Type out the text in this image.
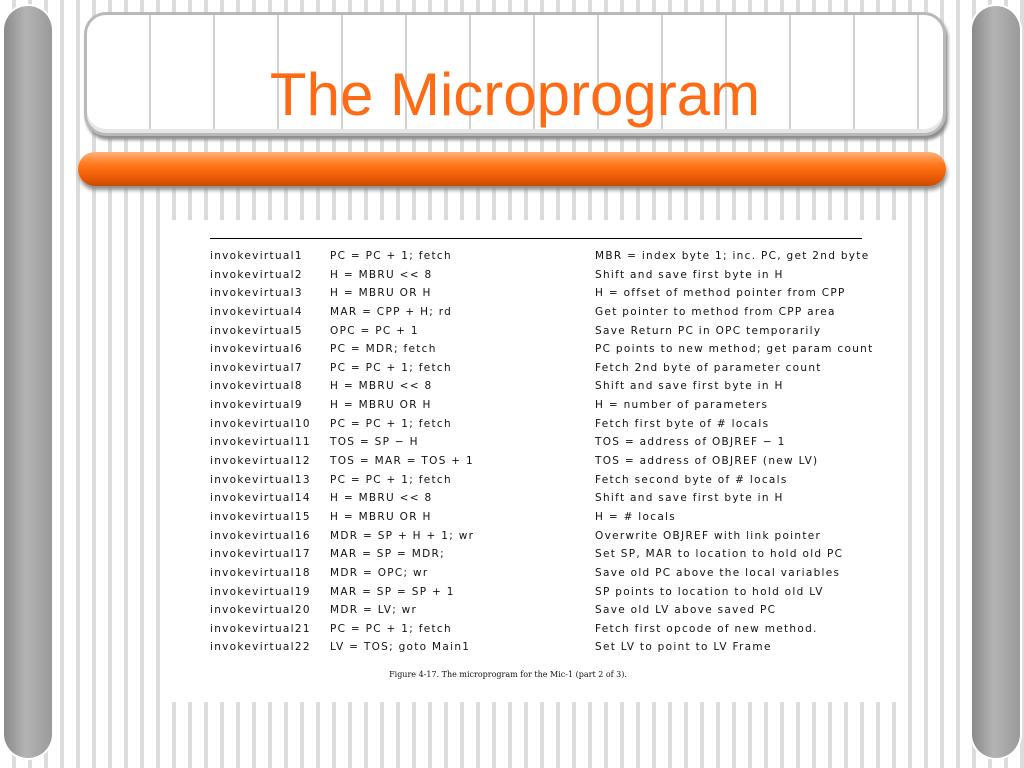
The Microprogram
invokevirtual1	PC = PC + 1; fetch	MBR = index byte 1; inc. PC, get 2nd byte
invokevirtual2	H = MBRU << 8	Shift and save first byte in H
invokevirtual3	H = MBRU OR H	H = offset of method pointer from CPP
invokevirtual4	MAR = CPP + H; rd	Get pointer to method from CPP area
invokevirtual5	OPC = PC + 1	Save Return PC in OPC temporarily
invokevirtual6	PC = MDR; fetch	PC points to new method; get param count
invokevirtual7	PC = PC + 1; fetch	Fetch 2nd byte of parameter count
invokevirtual8	H = MBRU << 8	Shift and save first byte in H
invokevirtual9	H = MBRU OR H	H = number of parameters
invokevirtual10 PC = PC + 1; fetch	Fetch first byte of # locals
invokevirtual11 TOS = SP − H	TOS = address of OBJREF − 1
invokevirtual12 TOS = MAR = TOS + 1	TOS = address of OBJREF (new LV)
invokevirtual13 PC = PC + 1; fetch	Fetch second byte of # locals
invokevirtual14 H = MBRU << 8	Shift and save first byte in H
invokevirtual15 H = MBRU OR H	H = # locals
invokevirtual16 MDR = SP + H + 1; wr	Overwrite OBJREF with link pointer
invokevirtual17 MAR = SP = MDR;	Set SP, MAR to location to hold old PC
invokevirtual18 MDR = OPC; wr	Save old PC above the local variables
invokevirtual19 MAR = SP = SP + 1	SP points to location to hold old LV
invokevirtual20 MDR = LV; wr	Save old LV above saved PC
invokevirtual21 PC = PC + 1; fetch	Fetch first opcode of new method.
invokevirtual22 LV = TOS; goto Main1	Set LV to point to LV Frame
Figure 4-17. The microprogram for the Mic-1 (part 2 of 3).
